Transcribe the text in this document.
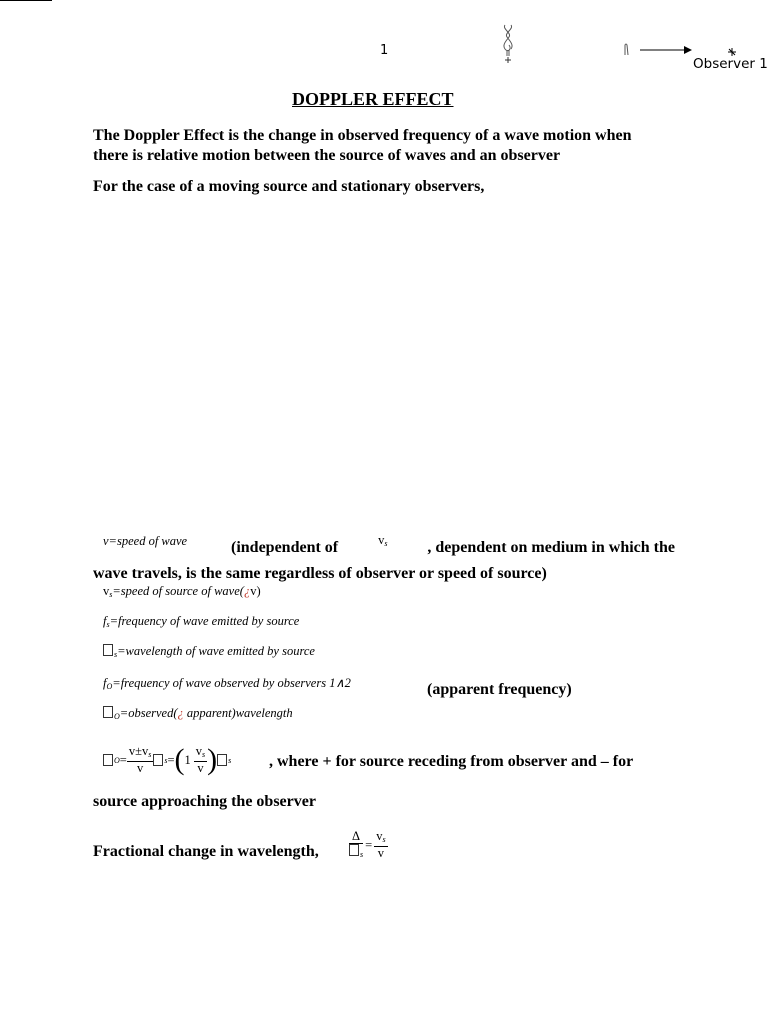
1
Observer 1
DOPPLER EFFECT
The Doppler Effect is the change in observed frequency of a wave motion when
there is relative motion between the source of waves and an observer
For the case of a moving source and stationary observers,
v=speed of wave	(independent of	$v_s$ , dependent on medium in which the
wave travels, is the same regardless of observer or speed of source)
$v_s=speed$ of source of wave(¿v)
$f_s=frequency$ of wave emitted by source
$_s$=wavelength of wave emitted by source
$f_O=frequency$ of wave observed by observers 1∧2	(apparent frequency)
$_O$=observed(¿ apparent)wavelength
$O = \frac{v\pm v_s}{v}$ s = ( $1 \frac{v_s}{v}$ ) s , where + for source receding from observer and – for
source approaching the observer
Fractional change in wavelength, $\frac{\Delta}{_s} = \frac{v_s}{v}$
